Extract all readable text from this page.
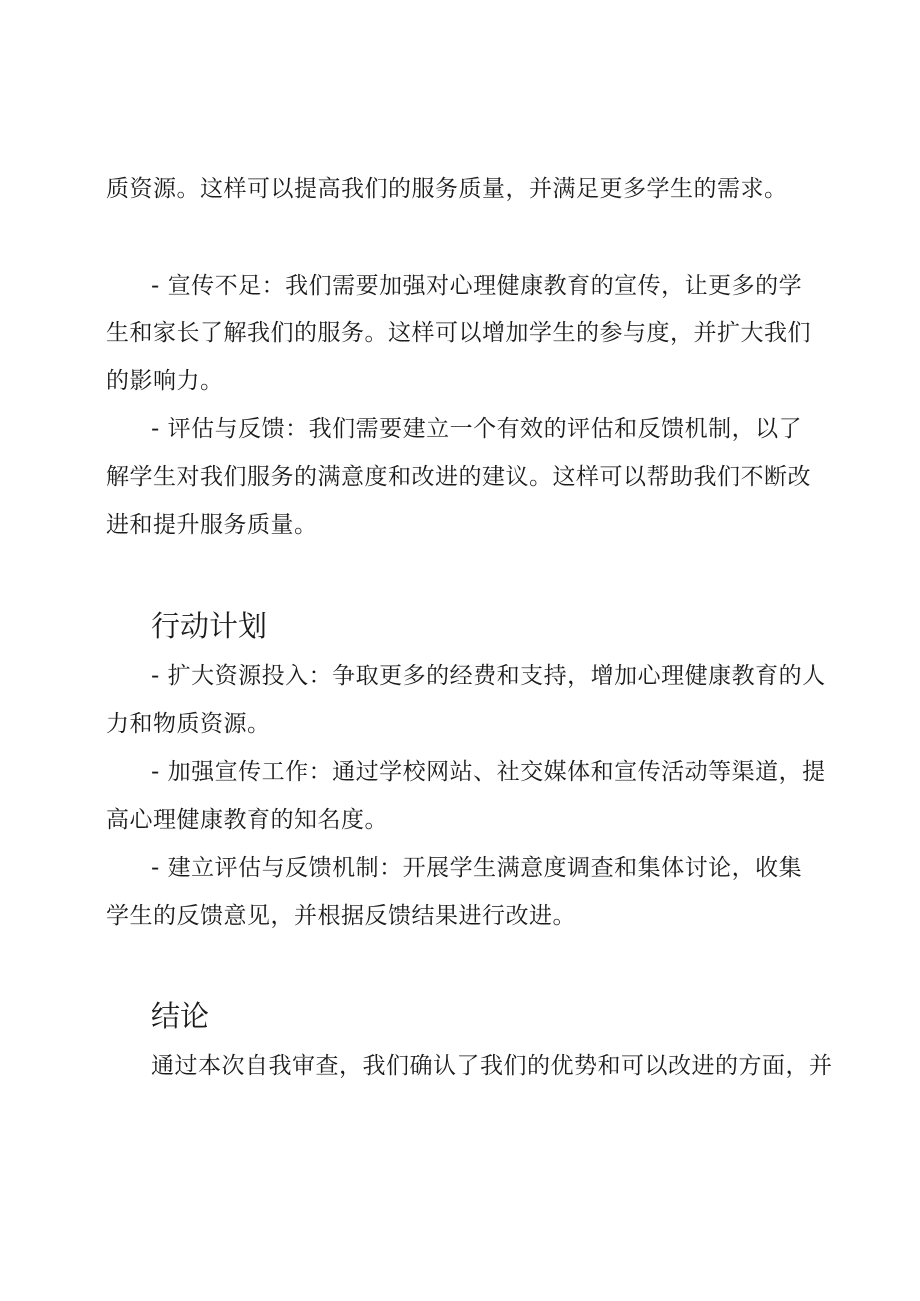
质资源。这样可以提高我们的服务质量，并满足更多学生的需求。
- 宣传不足：我们需要加强对心理健康教育的宣传，让更多的学
生和家长了解我们的服务。这样可以增加学生的参与度，并扩大我们
的影响力。
- 评估与反馈：我们需要建立一个有效的评估和反馈机制，以了
解学生对我们服务的满意度和改进的建议。这样可以帮助我们不断改
进和提升服务质量。
行动计划
- 扩大资源投入：争取更多的经费和支持，增加心理健康教育的人
力和物质资源。
- 加强宣传工作：通过学校网站、社交媒体和宣传活动等渠道，提
高心理健康教育的知名度。
- 建立评估与反馈机制：开展学生满意度调查和集体讨论，收集
学生的反馈意见，并根据反馈结果进行改进。
结论
通过本次自我审查，我们确认了我们的优势和可以改进的方面，并
